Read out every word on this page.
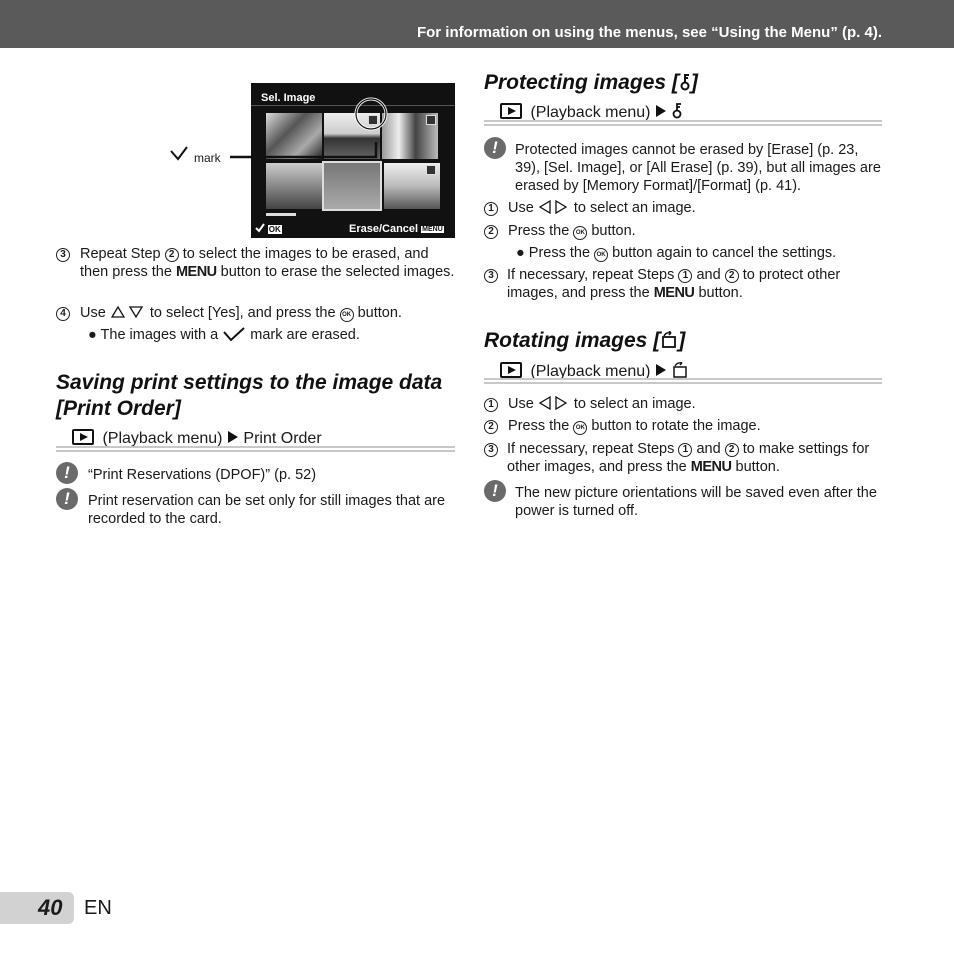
For information on using the menus, see “Using the Menu” (p. 4).
Sel. Image
OK	Erase/Cancel MENU
mark
3 Repeat Step 2 to select the images to be erased, and then press the MENU button to erase the selected images.
4 Use	to select [Yes], and press the OK button.
● The images with a mark are erased.
Saving print settings to the image data [Print Order]
(Playback menu) Print Order
!	“Print Reservations (DPOF)” (p. 52)
!	Print reservation can be set only for still images that are recorded to the card.
Protecting images [ ]
(Playback menu)
!	Protected images cannot be erased by [Erase] (p. 23, 39), [Sel. Image], or [All Erase] (p. 39), but all images are erased by [Memory Format]/[Format] (p. 41).
1 Use	to select an image.
2 Press the OK button.
● Press the OK button again to cancel the settings.
3 If necessary, repeat Steps 1 and 2 to protect other images, and press the MENU button.
Rotating images [ ]
(Playback menu)
1 Use	to select an image.
2 Press the OK button to rotate the image.
3 If necessary, repeat Steps 1 and 2 to make settings for other images, and press the MENU button.
!	The new picture orientations will be saved even after the power is turned off.
40 EN
